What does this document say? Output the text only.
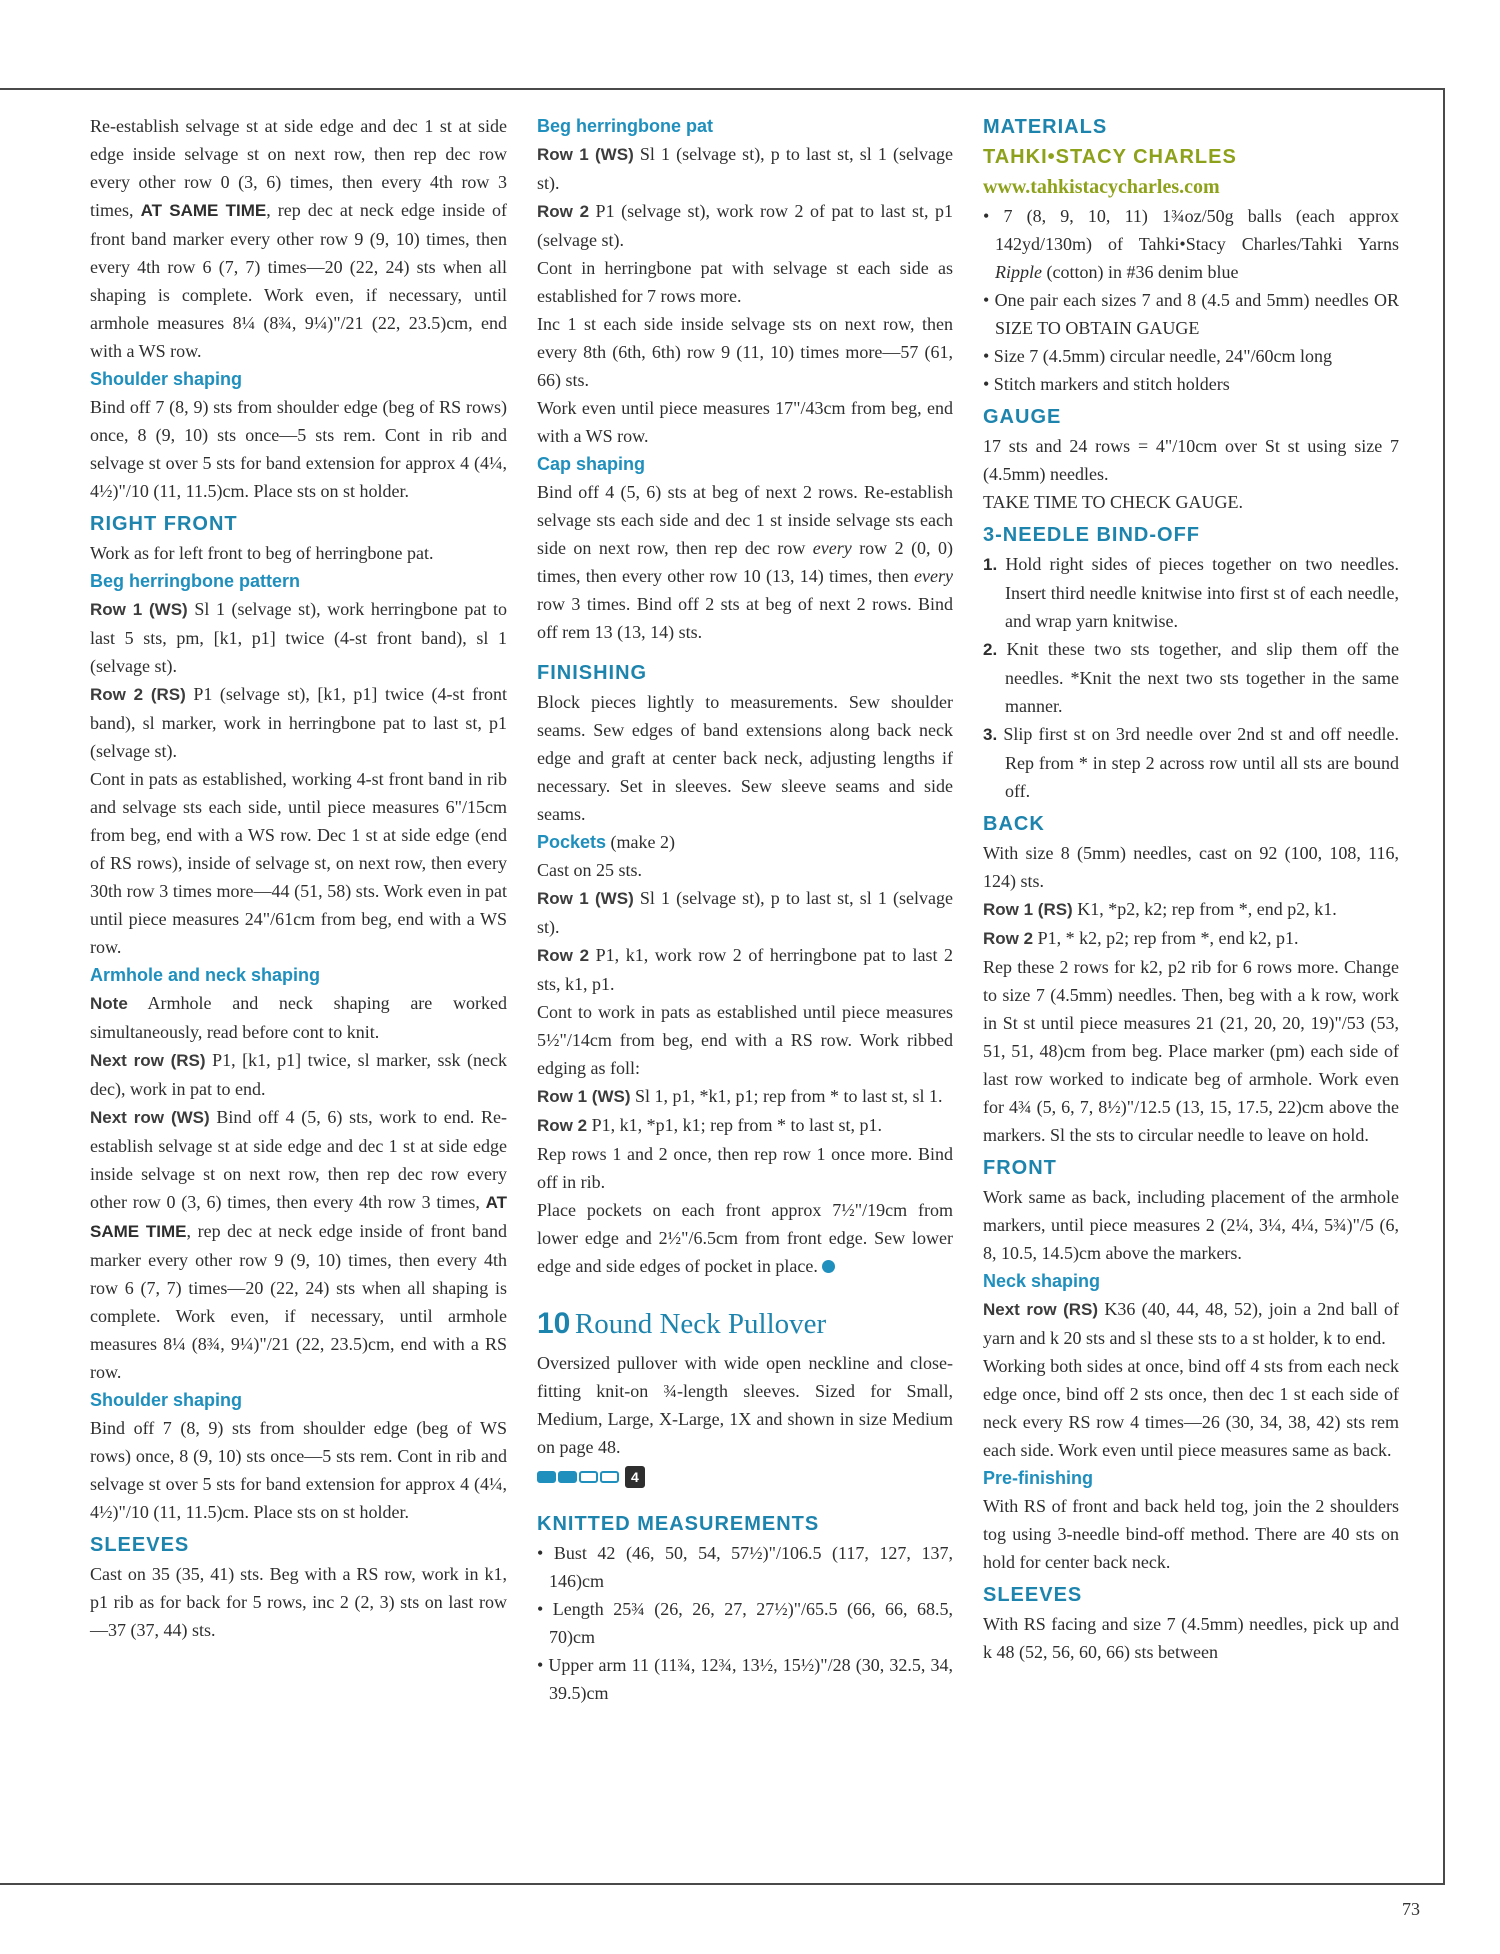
Re-establish selvage st at side edge and dec 1 st at side edge inside selvage st on next row, then rep dec row every other row 0 (3, 6) times, then every 4th row 3 times, AT SAME TIME, rep dec at neck edge inside of front band marker every other row 9 (9, 10) times, then every 4th row 6 (7, 7) times—20 (22, 24) sts when all shaping is complete. Work even, if necessary, until armhole measures 8¼ (8¾, 9¼)"/21 (22, 23.5)cm, end with a WS row.

Shoulder shaping

Bind off 7 (8, 9) sts from shoulder edge (beg of RS rows) once, 8 (9, 10) sts once—5 sts rem. Cont in rib and selvage st over 5 sts for band extension for approx 4 (4¼, 4½)"/10 (11, 11.5)cm. Place sts on st holder.

RIGHT FRONT

Work as for left front to beg of herringbone pat.

Beg herringbone pattern

Row 1 (WS) Sl 1 (selvage st), work herringbone pat to last 5 sts, pm, [k1, p1] twice (4-st front band), sl 1 (selvage st).

Row 2 (RS) P1 (selvage st), [k1, p1] twice (4-st front band), sl marker, work in herringbone pat to last st, p1 (selvage st).

Cont in pats as established, working 4-st front band in rib and selvage sts each side, until piece measures 6"/15cm from beg, end with a WS row. Dec 1 st at side edge (end of RS rows), inside of selvage st, on next row, then every 30th row 3 times more—44 (51, 58) sts. Work even in pat until piece measures 24"/61cm from beg, end with a WS row.

Armhole and neck shaping

Note Armhole and neck shaping are worked simultaneously, read before cont to knit.

Next row (RS) P1, [k1, p1] twice, sl marker, ssk (neck dec), work in pat to end.

Next row (WS) Bind off 4 (5, 6) sts, work to end. Re-establish selvage st at side edge and dec 1 st at side edge inside selvage st on next row, then rep dec row every other row 0 (3, 6) times, then every 4th row 3 times, AT SAME TIME, rep dec at neck edge inside of front band marker every other row 9 (9, 10) times, then every 4th row 6 (7, 7) times—20 (22, 24) sts when all shaping is complete. Work even, if necessary, until armhole measures 8¼ (8¾, 9¼)"/21 (22, 23.5)cm, end with a RS row.

Shoulder shaping

Bind off 7 (8, 9) sts from shoulder edge (beg of WS rows) once, 8 (9, 10) sts once—5 sts rem. Cont in rib and selvage st over 5 sts for band extension for approx 4 (4¼, 4½)"/10 (11, 11.5)cm. Place sts on st holder.

SLEEVES

Cast on 35 (35, 41) sts. Beg with a RS row, work in k1, p1 rib as for back for 5 rows, inc 2 (2, 3) sts on last row—37 (37, 44) sts.

Beg herringbone pat

Row 1 (WS) Sl 1 (selvage st), p to last st, sl 1 (selvage st).

Row 2 P1 (selvage st), work row 2 of pat to last st, p1 (selvage st).

Cont in herringbone pat with selvage st each side as established for 7 rows more.

Inc 1 st each side inside selvage sts on next row, then every 8th (6th, 6th) row 9 (11, 10) times more—57 (61, 66) sts.

Work even until piece measures 17"/43cm from beg, end with a WS row.

Cap shaping

Bind off 4 (5, 6) sts at beg of next 2 rows. Re-establish selvage sts each side and dec 1 st inside selvage sts each side on next row, then rep dec row every row 2 (0, 0) times, then every other row 10 (13, 14) times, then every row 3 times. Bind off 2 sts at beg of next 2 rows. Bind off rem 13 (13, 14) sts.

FINISHING

Block pieces lightly to measurements. Sew shoulder seams. Sew edges of band extensions along back neck edge and graft at center back neck, adjusting lengths if necessary. Set in sleeves. Sew sleeve seams and side seams.

Pockets (make 2)

Cast on 25 sts.

Row 1 (WS) Sl 1 (selvage st), p to last st, sl 1 (selvage st).

Row 2 P1, k1, work row 2 of herringbone pat to last 2 sts, k1, p1.

Cont to work in pats as established until piece measures 5½"/14cm from beg, end with a RS row. Work ribbed edging as foll:

Row 1 (WS) Sl 1, p1, *k1, p1; rep from * to last st, sl 1.

Row 2 P1, k1, *p1, k1; rep from * to last st, p1.

Rep rows 1 and 2 once, then rep row 1 once more. Bind off in rib.

Place pockets on each front approx 7½"/19cm from lower edge and 2½"/6.5cm from front edge. Sew lower edge and side edges of pocket in place.

10 Round Neck Pullover

Oversized pullover with wide open neckline and close-fitting knit-on ¾-length sleeves. Sized for Small, Medium, Large, X-Large, 1X and shown in size Medium on page 48.

4
KNITTED MEASUREMENTS

• Bust 42 (46, 50, 54, 57½)"/106.5 (117, 127, 137, 146)cm

• Length 25¾ (26, 26, 27, 27½)"/65.5 (66, 66, 68.5, 70)cm

• Upper arm 11 (11¾, 12¾, 13½, 15½)"/28 (30, 32.5, 34, 39.5)cm

MATERIALS

TAHKI•STACY CHARLES

www.tahkistacycharles.com

• 7 (8, 9, 10, 11) 1¾oz/50g balls (each approx 142yd/130m) of Tahki•Stacy Charles/Tahki Yarns Ripple (cotton) in #36 denim blue

• One pair each sizes 7 and 8 (4.5 and 5mm) needles OR SIZE TO OBTAIN GAUGE

• Size 7 (4.5mm) circular needle, 24"/60cm long

• Stitch markers and stitch holders

GAUGE

17 sts and 24 rows = 4"/10cm over St st using size 7 (4.5mm) needles.

TAKE TIME TO CHECK GAUGE.

3-NEEDLE BIND-OFF

1. Hold right sides of pieces together on two needles. Insert third needle knitwise into first st of each needle, and wrap yarn knitwise.

2. Knit these two sts together, and slip them off the needles. *Knit the next two sts together in the same manner.

3. Slip first st on 3rd needle over 2nd st and off needle. Rep from * in step 2 across row until all sts are bound off.

BACK

With size 8 (5mm) needles, cast on 92 (100, 108, 116, 124) sts.

Row 1 (RS) K1, *p2, k2; rep from *, end p2, k1.

Row 2 P1, * k2, p2; rep from *, end k2, p1.

Rep these 2 rows for k2, p2 rib for 6 rows more. Change to size 7 (4.5mm) needles. Then, beg with a k row, work in St st until piece measures 21 (21, 20, 20, 19)"/53 (53, 51, 51, 48)cm from beg. Place marker (pm) each side of last row worked to indicate beg of armhole. Work even for 4¾ (5, 6, 7, 8½)"/12.5 (13, 15, 17.5, 22)cm above the markers. Sl the sts to circular needle to leave on hold.

FRONT

Work same as back, including placement of the armhole markers, until piece measures 2 (2¼, 3¼, 4¼, 5¾)"/5 (6, 8, 10.5, 14.5)cm above the markers.

Neck shaping

Next row (RS) K36 (40, 44, 48, 52), join a 2nd ball of yarn and k 20 sts and sl these sts to a st holder, k to end.

Working both sides at once, bind off 4 sts from each neck edge once, bind off 2 sts once, then dec 1 st each side of neck every RS row 4 times—26 (30, 34, 38, 42) sts rem each side. Work even until piece measures same as back.

Pre-finishing

With RS of front and back held tog, join the 2 shoulders tog using 3-needle bind-off method. There are 40 sts on hold for center back neck.

SLEEVES

With RS facing and size 7 (4.5mm) needles, pick up and k 48 (52, 56, 60, 66) sts between

73
